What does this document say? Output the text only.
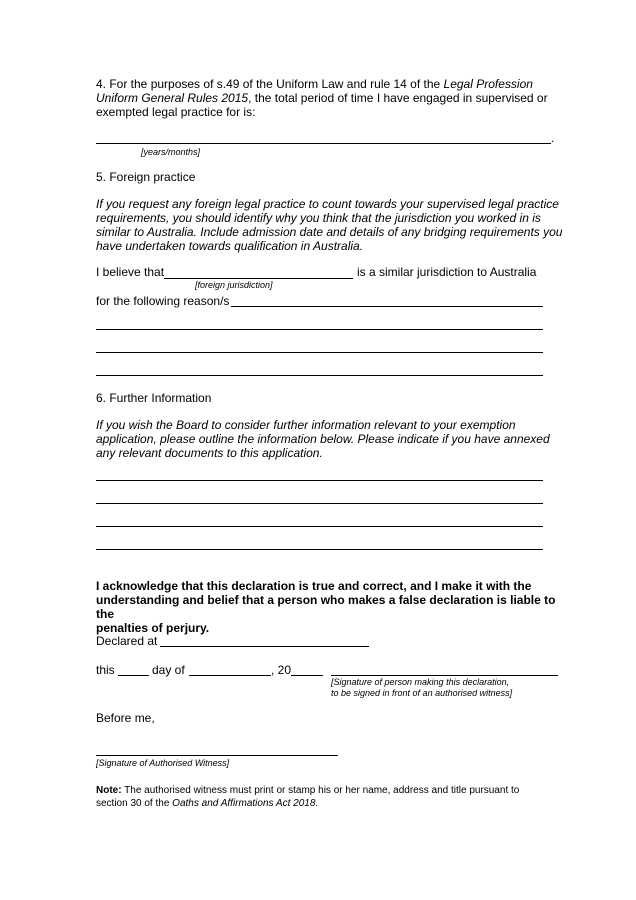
4. For the purposes of s.49 of the Uniform Law and rule 14 of the Legal Profession
Uniform General Rules 2015, the total period of time I have engaged in supervised or
exempted legal practice for is:
.
[years/months]
5. Foreign practice
If you request any foreign legal practice to count towards your supervised legal practice
requirements, you should identify why you think that the jurisdiction you worked in is
similar to Australia. Include admission date and details of any bridging requirements you
have undertaken towards qualification in Australia.
I believe that	is a similar jurisdiction to Australia
[foreign jurisdiction]
for the following reason/s
6. Further Information
If you wish the Board to consider further information relevant to your exemption
application, please outline the information below. Please indicate if you have annexed
any relevant documents to this application.
I acknowledge that this declaration is true and correct, and I make it with the
understanding and belief that a person who makes a false declaration is liable to the
penalties of perjury.
Declared at
this	day of	, 20
[Signature of person making this declaration,
to be signed in front of an authorised witness]
Before me,
[Signature of Authorised Witness]
Note: The authorised witness must print or stamp his or her name, address and title pursuant to
section 30 of the Oaths and Affirmations Act 2018.
